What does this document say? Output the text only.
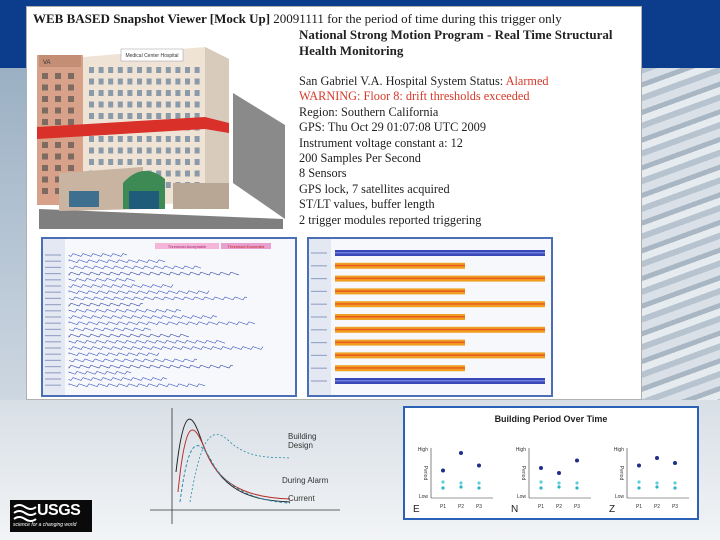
WEB BASED Snapshot Viewer [Mock Up] 20091111 for the period of time during this trigger only
VA
Medical Center Hospital
National Strong Motion Program - Real Time Structural Health Monitoring
San Gabriel V.A. Hospital System Status: Alarmed
WARNING: Floor 8: drift thresholds exceeded
Region: Southern California
GPS: Thu Oct 29 01:07:08 UTC 2009
Instrument voltage constant a: 12
200 Samples Per Second
8 Sensors
GPS lock, 7 satellites acquired
ST/LT values, buffer length
2 trigger modules reported triggering
Threshold Acceptable	Threshold Exceeded
Building
Design
During Alarm
Current
Building Period Over Time
High
Low
Period
E	P1 P2 P3
High
Low
Period
N	P1 P2 P3
High
Low
Period
Z	P1 P2 P3
USGS
science for a changing world
